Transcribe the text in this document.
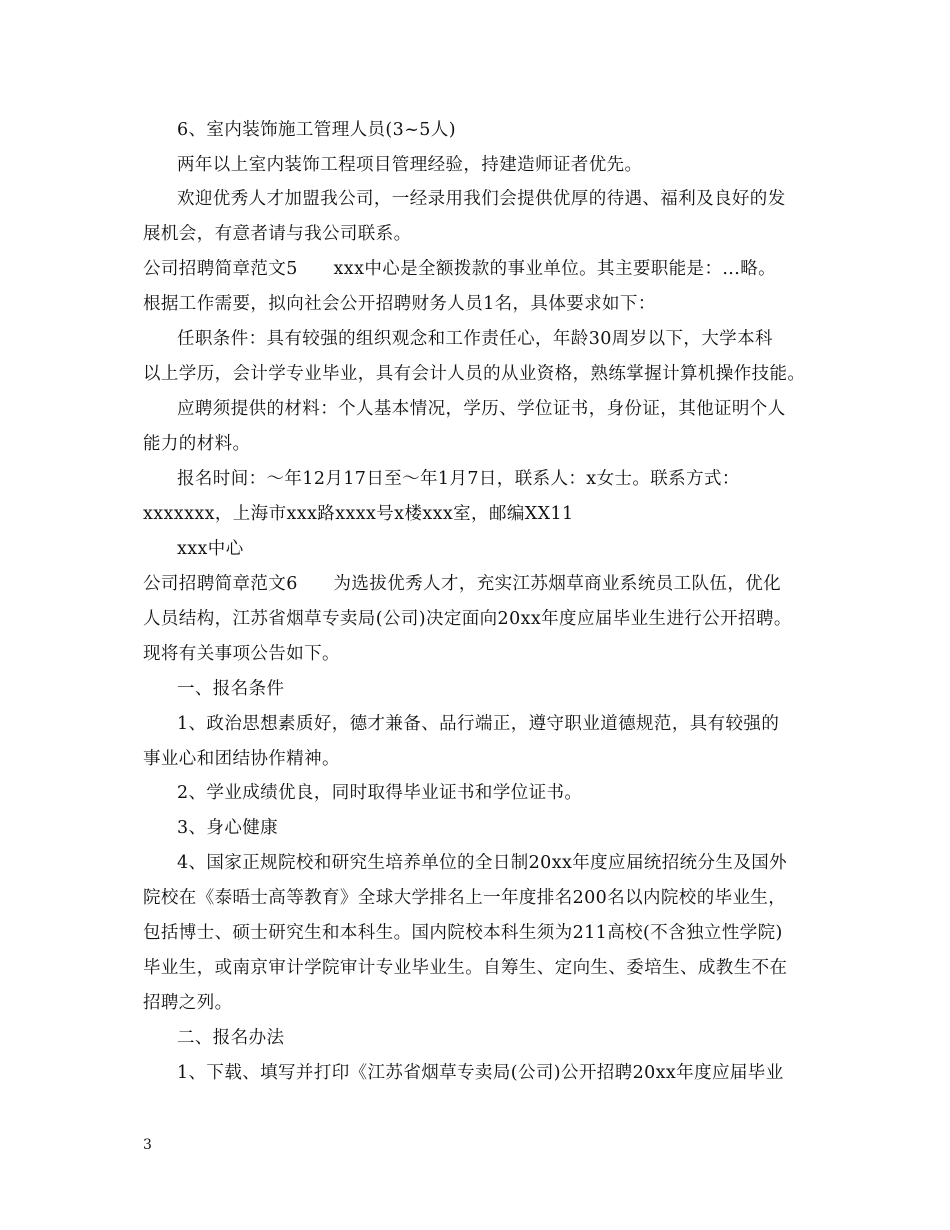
6、室内装饰施工管理人员(3~5人)
两年以上室内装饰工程项目管理经验，持建造师证者优先。
欢迎优秀人才加盟我公司，一经录用我们会提供优厚的待遇、福利及良好的发
展机会，有意者请与我公司联系。
公司招聘简章范文5　　xxx中心是全额拨款的事业单位。其主要职能是：...略。
根据工作需要，拟向社会公开招聘财务人员1名，具体要求如下：
任职条件：具有较强的组织观念和工作责任心，年龄30周岁以下，大学本科
以上学历，会计学专业毕业，具有会计人员的从业资格，熟练掌握计算机操作技能。
应聘须提供的材料：个人基本情况，学历、学位证书，身份证，其他证明个人
能力的材料。
报名时间：～年12月17日至～年1月7日，联系人：x女士。联系方式：
xxxxxxx，上海市xxx路xxxx号x楼xxx室，邮编XX11
xxx中心
公司招聘简章范文6　　为选拔优秀人才，充实江苏烟草商业系统员工队伍，优化
人员结构，江苏省烟草专卖局(公司)决定面向20xx年度应届毕业生进行公开招聘。
现将有关事项公告如下。
一、报名条件
1、政治思想素质好，德才兼备、品行端正，遵守职业道德规范，具有较强的
事业心和团结协作精神。
2、学业成绩优良，同时取得毕业证书和学位证书。
3、身心健康
4、国家正规院校和研究生培养单位的全日制20xx年度应届统招统分生及国外
院校在《泰晤士高等教育》全球大学排名上一年度排名200名以内院校的毕业生，
包括博士、硕士研究生和本科生。国内院校本科生须为211高校(不含独立性学院)
毕业生，或南京审计学院审计专业毕业生。自筹生、定向生、委培生、成教生不在
招聘之列。
二、报名办法
1、下载、填写并打印《江苏省烟草专卖局(公司)公开招聘20xx年度应届毕业
3
